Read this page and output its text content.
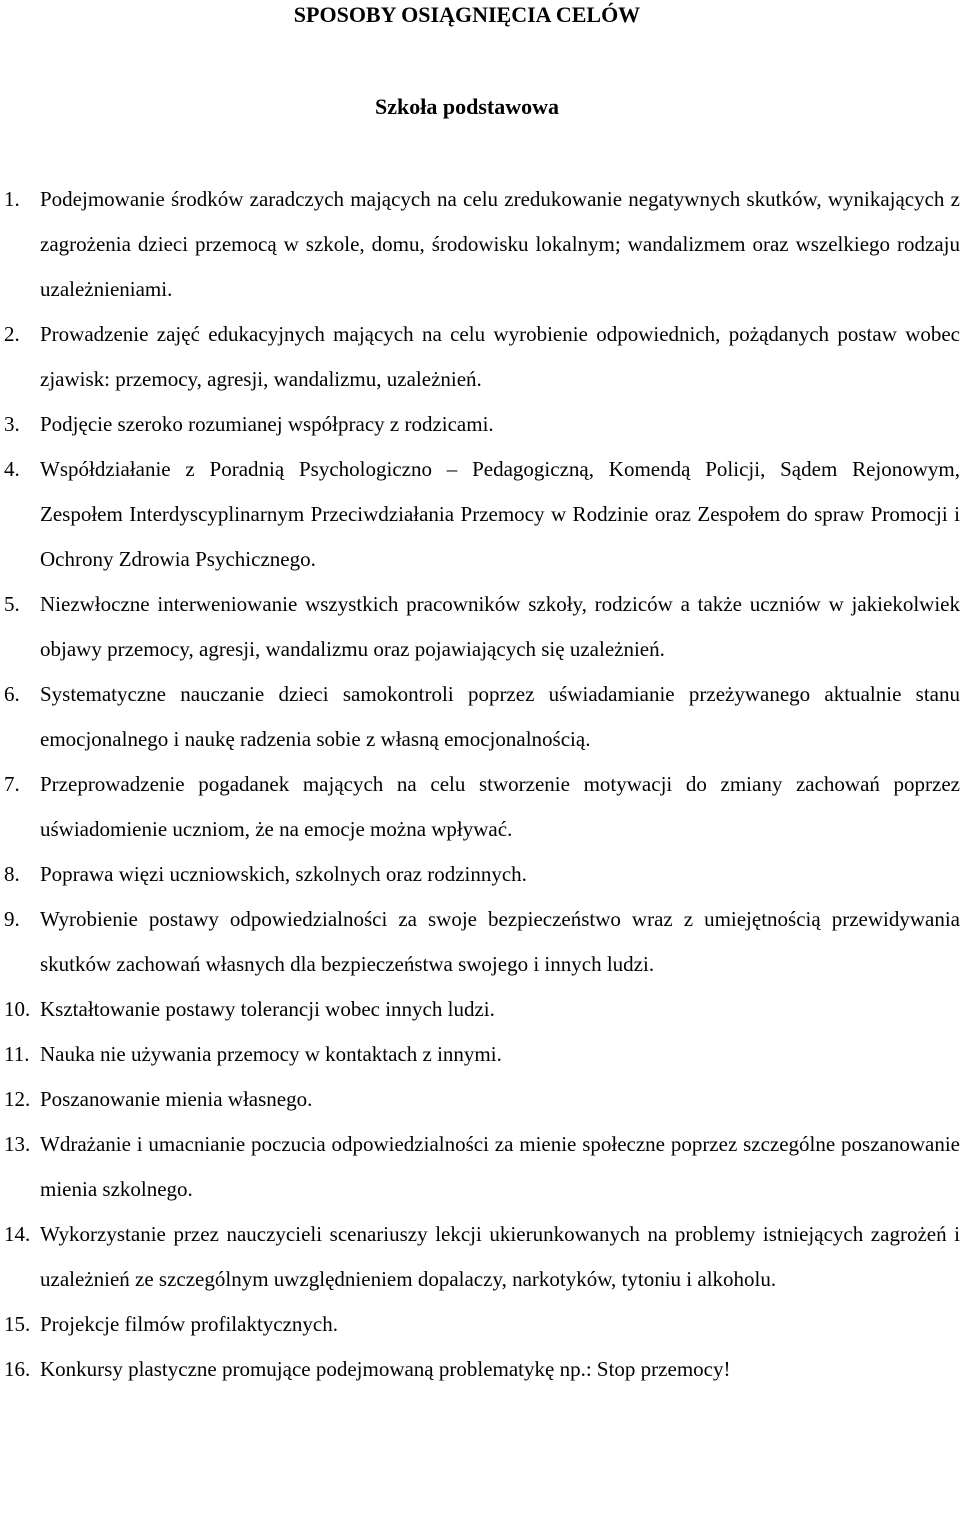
SPOSOBY OSIĄGNIĘCIA CELÓW
Szkoła podstawowa
1. Podejmowanie środków zaradczych mających na celu zredukowanie negatywnych skutków, wynikających z zagrożenia dzieci przemocą w szkole, domu, środowisku lokalnym; wandalizmem oraz wszelkiego rodzaju uzależnieniami.
2. Prowadzenie zajęć edukacyjnych mających na celu wyrobienie odpowiednich, pożądanych postaw wobec zjawisk: przemocy, agresji, wandalizmu, uzależnień.
3. Podjęcie szeroko rozumianej współpracy z rodzicami.
4. Współdziałanie z Poradnią Psychologiczno – Pedagogiczną, Komendą Policji, Sądem Rejonowym, Zespołem Interdyscyplinarnym Przeciwdziałania Przemocy w Rodzinie oraz Zespołem do spraw Promocji i Ochrony Zdrowia Psychicznego.
5. Niezwłoczne interweniowanie wszystkich pracowników szkoły, rodziców a także uczniów w jakiekolwiek objawy przemocy, agresji, wandalizmu oraz pojawiających się uzależnień.
6. Systematyczne nauczanie dzieci samokontroli poprzez uświadamianie przeżywanego aktualnie stanu emocjonalnego i naukę radzenia sobie z własną emocjonalnością.
7. Przeprowadzenie pogadanek mających na celu stworzenie motywacji do zmiany zachowań poprzez uświadomienie uczniom, że na emocje można wpływać.
8. Poprawa więzi uczniowskich, szkolnych oraz rodzinnych.
9. Wyrobienie postawy odpowiedzialności za swoje bezpieczeństwo wraz z umiejętnością przewidywania skutków zachowań własnych dla bezpieczeństwa swojego i innych ludzi.
10. Kształtowanie postawy tolerancji wobec innych ludzi.
11. Nauka nie używania przemocy w kontaktach z innymi.
12. Poszanowanie mienia własnego.
13. Wdrażanie i umacnianie poczucia odpowiedzialności za mienie społeczne poprzez szczególne poszanowanie mienia szkolnego.
14. Wykorzystanie przez nauczycieli scenariuszy lekcji ukierunkowanych na problemy istniejących zagrożeń i uzależnień ze szczególnym uwzględnieniem dopalaczy, narkotyków, tytoniu i alkoholu.
15. Projekcje filmów profilaktycznych.
16. Konkursy plastyczne promujące podejmowaną problematykę np.: Stop przemocy!
